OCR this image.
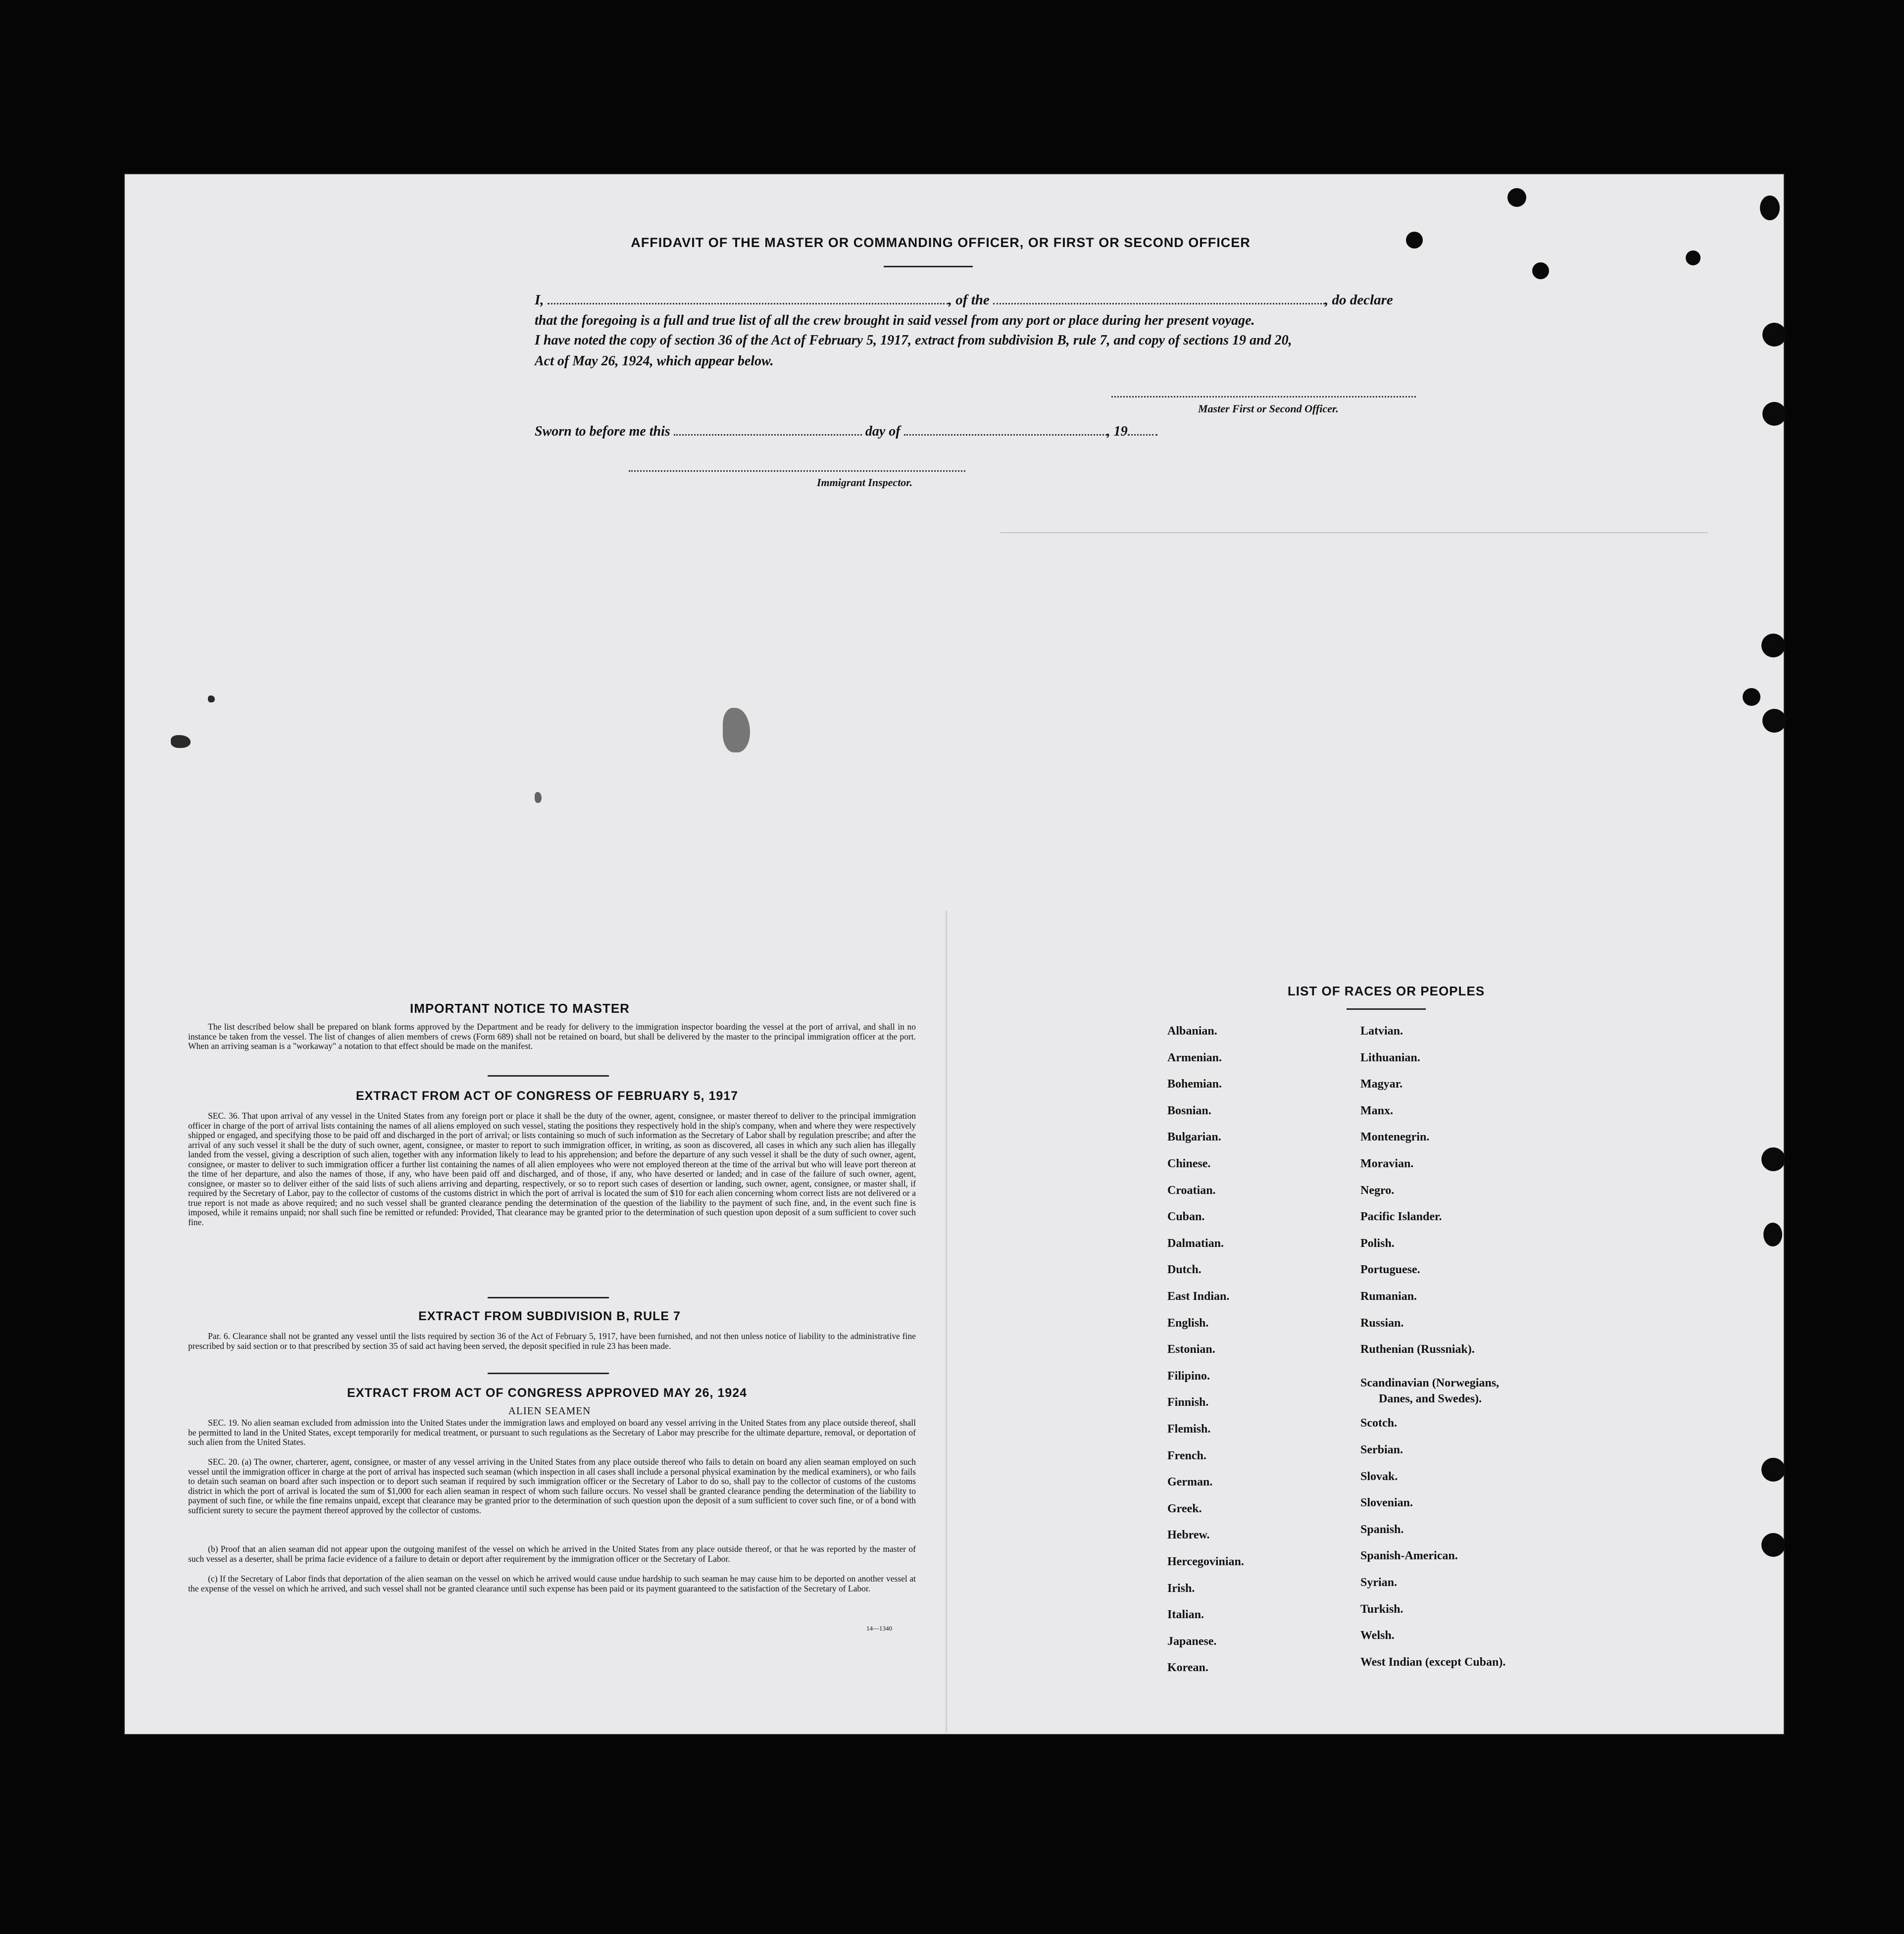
AFFIDAVIT OF THE MASTER OR COMMANDING OFFICER, OR FIRST OR SECOND OFFICER
I,	, of the	, do declare
that the foregoing is a full and true list of all the crew brought in said vessel from any port or place during her present voyage.
I have noted the copy of section 36 of the Act of February 5, 1917, extract from subdivision B, rule 7, and copy of sections 19 and 20,
Act of May 26, 1924, which appear below.
Master First or Second Officer.
Sworn to before me this	day of	, 19
Immigrant Inspector.
IMPORTANT NOTICE TO MASTER
The list described below shall be prepared on blank forms approved by the Department and be ready for delivery to the immigration inspector boarding the vessel at the port of arrival, and shall in no instance be taken from the vessel. The list of changes of alien members of crews (Form 689) shall not be retained on board, but shall be delivered by the master to the principal immigration officer at the port. When an arriving seaman is a "workaway" a notation to that effect should be made on the manifest.
EXTRACT FROM ACT OF CONGRESS OF FEBRUARY 5, 1917
SEC. 36. That upon arrival of any vessel in the United States from any foreign port or place it shall be the duty of the owner, agent, consignee, or master thereof to deliver to the principal immigration officer in charge of the port of arrival lists containing the names of all aliens employed on such vessel, stating the positions they respectively hold in the ship's company, when and where they were respectively shipped or engaged, and specifying those to be paid off and discharged in the port of arrival; or lists containing so much of such information as the Secretary of Labor shall by regulation prescribe; and after the arrival of any such vessel it shall be the duty of such owner, agent, consignee, or master to report to such immigration officer, in writing, as soon as discovered, all cases in which any such alien has illegally landed from the vessel, giving a description of such alien, together with any information likely to lead to his apprehension; and before the departure of any such vessel it shall be the duty of such owner, agent, consignee, or master to deliver to such immigration officer a further list containing the names of all alien employees who were not employed thereon at the time of the arrival but who will leave port thereon at the time of her departure, and also the names of those, if any, who have been paid off and discharged, and of those, if any, who have deserted or landed; and in case of the failure of such owner, agent, consignee, or master so to deliver either of the said lists of such aliens arriving and departing, respectively, or so to report such cases of desertion or landing, such owner, agent, consignee, or master shall, if required by the Secretary of Labor, pay to the collector of customs of the customs district in which the port of arrival is located the sum of $10 for each alien concerning whom correct lists are not delivered or a true report is not made as above required; and no such vessel shall be granted clearance pending the determination of the question of the liability to the payment of such fine, and, in the event such fine is imposed, while it remains unpaid; nor shall such fine be remitted or refunded: Provided, That clearance may be granted prior to the determination of such question upon deposit of a sum sufficient to cover such fine.
EXTRACT FROM SUBDIVISION B, RULE 7
Par. 6. Clearance shall not be granted any vessel until the lists required by section 36 of the Act of February 5, 1917, have been furnished, and not then unless notice of liability to the administrative fine prescribed by said section or to that prescribed by section 35 of said act having been served, the deposit specified in rule 23 has been made.
EXTRACT FROM ACT OF CONGRESS APPROVED MAY 26, 1924
ALIEN SEAMEN
SEC. 19. No alien seaman excluded from admission into the United States under the immigration laws and employed on board any vessel arriving in the United States from any place outside thereof, shall be permitted to land in the United States, except temporarily for medical treatment, or pursuant to such regulations as the Secretary of Labor may prescribe for the ultimate departure, removal, or deportation of such alien from the United States.
SEC. 20. (a) The owner, charterer, agent, consignee, or master of any vessel arriving in the United States from any place outside thereof who fails to detain on board any alien seaman employed on such vessel until the immigration officer in charge at the port of arrival has inspected such seaman (which inspection in all cases shall include a personal physical examination by the medical examiners), or who fails to detain such seaman on board after such inspection or to deport such seaman if required by such immigration officer or the Secretary of Labor to do so, shall pay to the collector of customs of the customs district in which the port of arrival is located the sum of $1,000 for each alien seaman in respect of whom such failure occurs. No vessel shall be granted clearance pending the determination of the liability to payment of such fine, or while the fine remains unpaid, except that clearance may be granted prior to the determination of such question upon the deposit of a sum sufficient to cover such fine, or of a bond with sufficient surety to secure the payment thereof approved by the collector of customs.
(b) Proof that an alien seaman did not appear upon the outgoing manifest of the vessel on which he arrived in the United States from any place outside thereof, or that he was reported by the master of such vessel as a deserter, shall be prima facie evidence of a failure to detain or deport after requirement by the immigration officer or the Secretary of Labor.
(c) If the Secretary of Labor finds that deportation of the alien seaman on the vessel on which he arrived would cause undue hardship to such seaman he may cause him to be deported on another vessel at the expense of the vessel on which he arrived, and such vessel shall not be granted clearance until such expense has been paid or its payment guaranteed to the satisfaction of the Secretary of Labor.
14—1340
LIST OF RACES OR PEOPLES
Albanian.
Armenian.
Bohemian.
Bosnian.
Bulgarian.
Chinese.
Croatian.
Cuban.
Dalmatian.
Dutch.
East Indian.
English.
Estonian.
Filipino.
Finnish.
Flemish.
French.
German.
Greek.
Hebrew.
Hercegovinian.
Irish.
Italian.
Japanese.
Korean.
Latvian.
Lithuanian.
Magyar.
Manx.
Montenegrin.
Moravian.
Negro.
Pacific Islander.
Polish.
Portuguese.
Rumanian.
Russian.
Ruthenian (Russniak).
Scandinavian (Norwegians,
Danes, and Swedes).
Scotch.
Serbian.
Slovak.
Slovenian.
Spanish.
Spanish-American.
Syrian.
Turkish.
Welsh.
West Indian (except Cuban).
